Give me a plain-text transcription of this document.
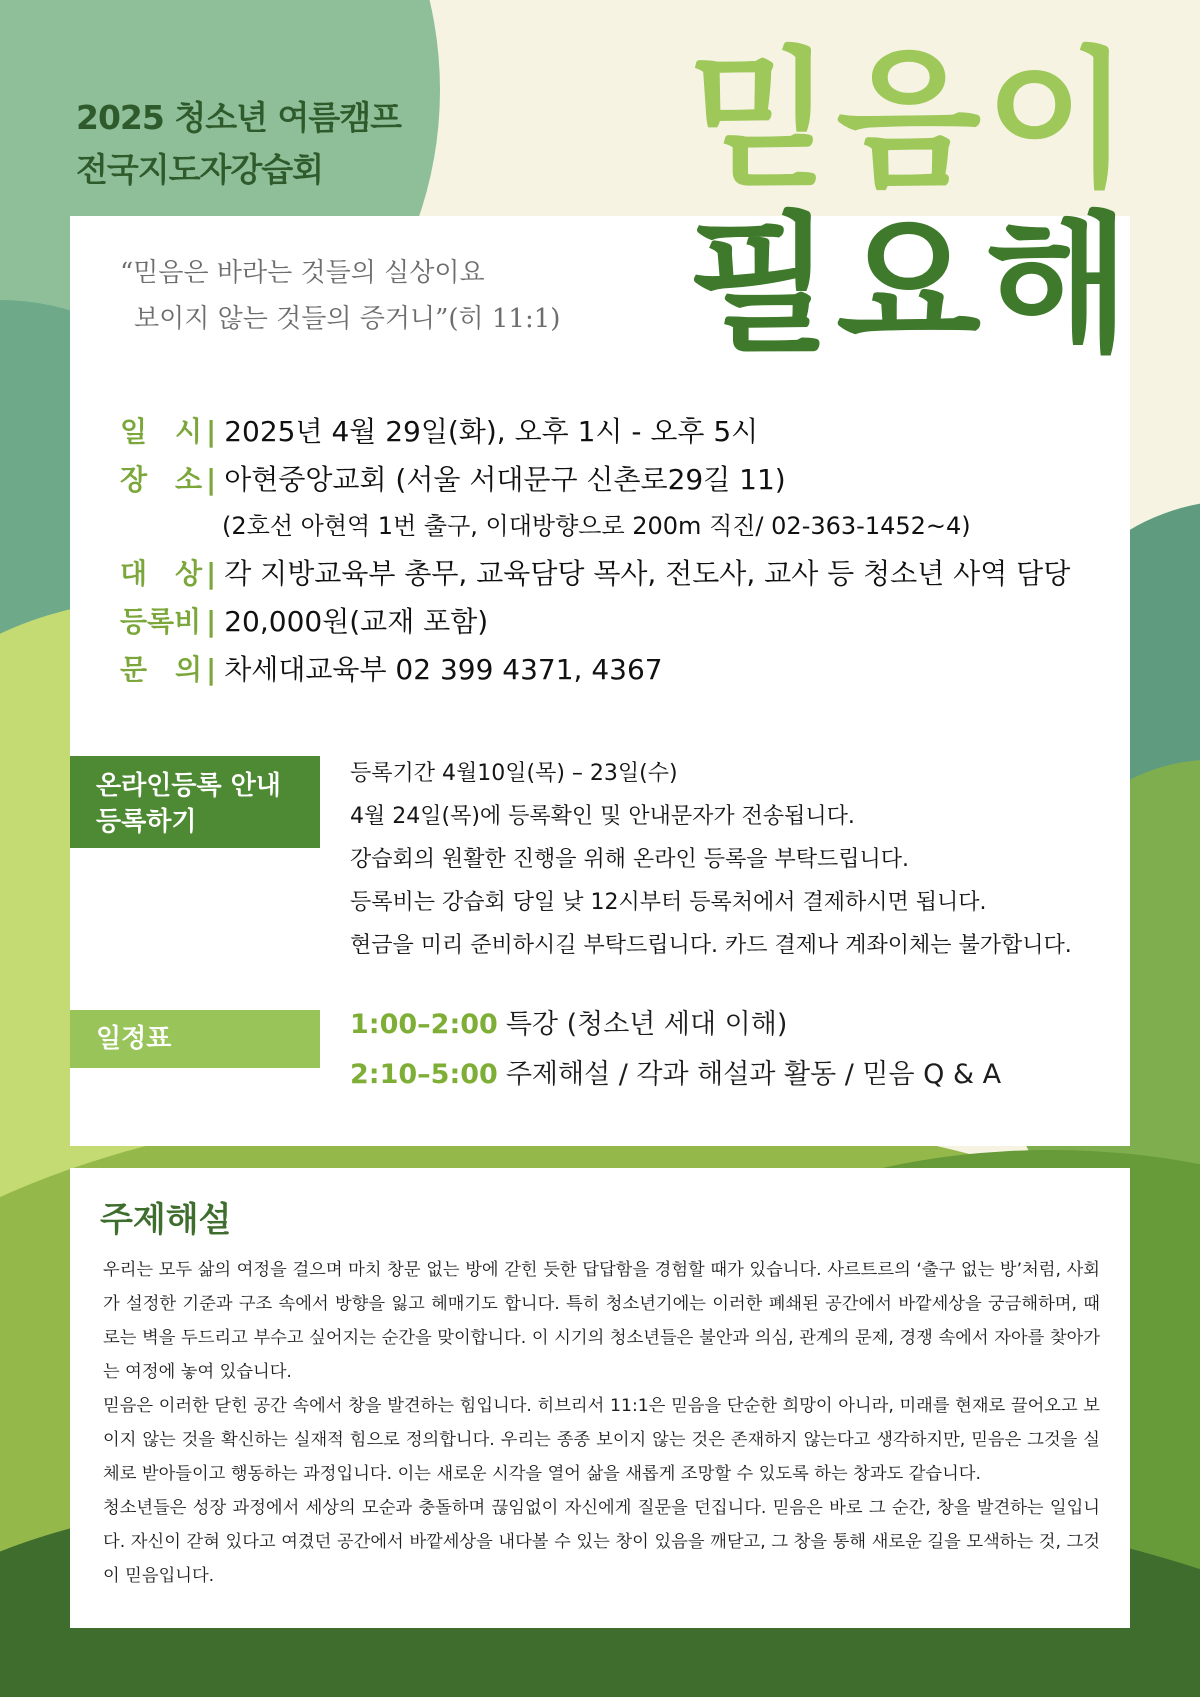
2025 청소년 여름캠프
전국지도자강습회	믿음이
필요해
“믿음은 바라는 것들의 실상이요
보이지 않는 것들의 증거니”(히 11:1)
일 시 | 2025년 4월 29일(화), 오후 1시 - 오후 5시
장 소 | 아현중앙교회 (서울 서대문구 신촌로29길 11)
(2호선 아현역 1번 출구, 이대방향으로 200m 직진/ 02-363-1452~4)
대 상 | 각 지방교육부 총무, 교육담당 목사, 전도사, 교사 등 청소년 사역 담당
등록비 | 20,000원(교재 포함)
문 의 | 차세대교육부 02 399 4371, 4367
온라인등록 안내
등록하기
등록기간 4월10일(목) – 23일(수)
4월 24일(목)에 등록확인 및 안내문자가 전송됩니다.
강습회의 원활한 진행을 위해 온라인 등록을 부탁드립니다.
등록비는 강습회 당일 낮 12시부터 등록처에서 결제하시면 됩니다.
현금을 미리 준비하시길 부탁드립니다. 카드 결제나 계좌이체는 불가합니다.
일정표	1:00–2:00 특강 (청소년 세대 이해)
2:10–5:00 주제해설 / 각과 해설과 활동 / 믿음 Q & A
주제해설

우리는 모두 삶의 여정을 걸으며 마치 창문 없는 방에 갇힌 듯한 답답함을 경험할 때가 있습니다. 사르트르의 ‘출구 없는 방’처럼, 사회가 설정한 기준과 구조 속에서 방향을 잃고 헤매기도 합니다. 특히 청소년기에는 이러한 폐쇄된 공간에서 바깥세상을 궁금해하며, 때로는 벽을 두드리고 부수고 싶어지는 순간을 맞이합니다. 이 시기의 청소년들은 불안과 의심, 관계의 문제, 경쟁 속에서 자아를 찾아가는 여정에 놓여 있습니다.

믿음은 이러한 닫힌 공간 속에서 창을 발견하는 힘입니다. 히브리서 11:1은 믿음을 단순한 희망이 아니라, 미래를 현재로 끌어오고 보이지 않는 것을 확신하는 실재적 힘으로 정의합니다. 우리는 종종 보이지 않는 것은 존재하지 않는다고 생각하지만, 믿음은 그것을 실체로 받아들이고 행동하는 과정입니다. 이는 새로운 시각을 열어 삶을 새롭게 조망할 수 있도록 하는 창과도 같습니다.

청소년들은 성장 과정에서 세상의 모순과 충돌하며 끊임없이 자신에게 질문을 던집니다. 믿음은 바로 그 순간, 창을 발견하는 일입니다. 자신이 갇혀 있다고 여겼던 공간에서 바깥세상을 내다볼 수 있는 창이 있음을 깨닫고, 그 창을 통해 새로운 길을 모색하는 것, 그것이 믿음입니다.
